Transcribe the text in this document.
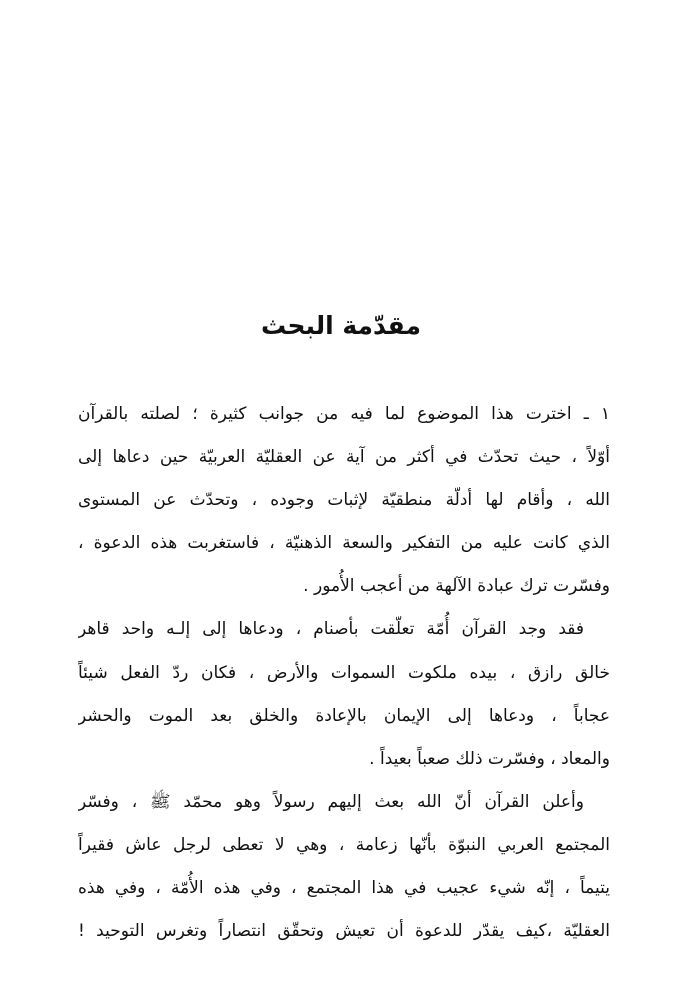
مقدّمة البحث
١ ـ اخترت هذا الموضوع لما فيه من جوانب كثيرة ؛ لصلته بالقرآن
أوّلاً ، حيث تحدّث في أكثر من آية عن العقليّة العربيّة حين دعاها إلى
الله ، وأقام لها أدلّة منطقيّة لإثبات وجوده ، وتحدّث عن المستوى
الذي كانت عليه من التفكير والسعة الذهنيّة ، فاستغربت هذه الدعوة ،
وفسّرت ترك عبادة الآلهة من أعجب الأُمور .
فقد وجد القرآن أُمّة تعلّقت بأصنام ، ودعاها إلى إلـه واحد قاهر
خالق رازق ، بيده ملكوت السموات والأرض ، فكان ردّ الفعل شيئاً
عجاباً ، ودعاها إلى الإيمان بالإعادة والخلق بعد الموت والحشر
والمعاد ، وفسّرت ذلك صعباً بعيداً .
وأعلن القرآن أنّ الله بعث إليهم رسولاً وهو محمّد ﷺ ، وفسّر
المجتمع العربي النبوّة بأنّها زعامة ، وهي لا تعطى لرجل عاش فقيراً
يتيماً ، إنّه شيء عجيب في هذا المجتمع ، وفي هذه الأُمّة ، وفي هذه
العقليّة ،كيف يقدّر للدعوة أن تعيش وتحقّق انتصاراً وتغرس التوحيد !
